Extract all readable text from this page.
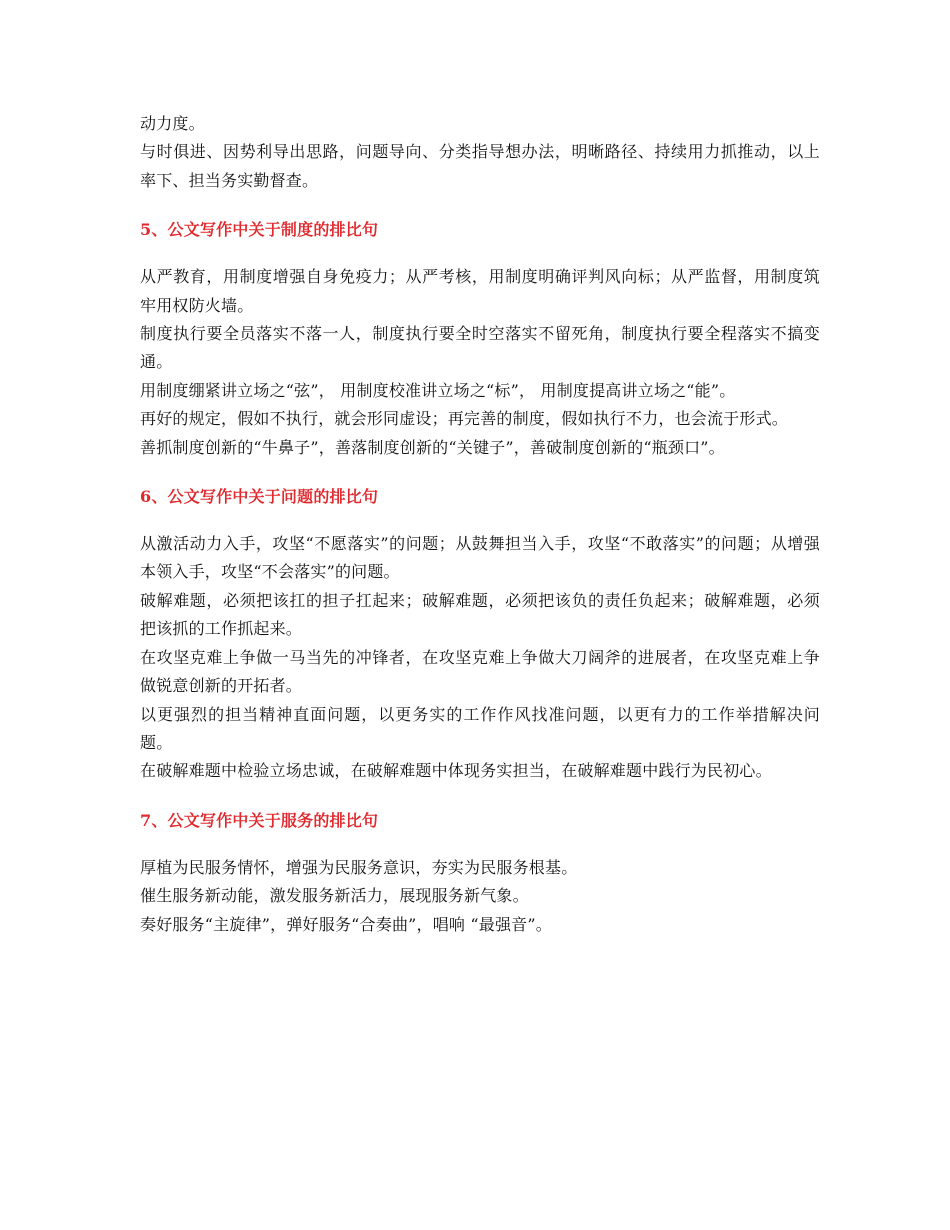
动力度。

与时俱进、因势利导出思路，问题导向、分类指导想办法，明晰路径、持续用力抓推动，以上率下、担当务实勤督查。

5、公文写作中关于制度的排比句

从严教育，用制度增强自身免疫力；从严考核，用制度明确评判风向标；从严监督，用制度筑牢用权防火墙。

制度执行要全员落实不落一人，制度执行要全时空落实不留死角，制度执行要全程落实不搞变通。

用制度绷紧讲立场之“弦”， 用制度校准讲立场之“标”， 用制度提高讲立场之“能”。

再好的规定，假如不执行，就会形同虚设；再完善的制度，假如执行不力，也会流于形式。

善抓制度创新的“牛鼻子”，善落制度创新的“关键子”，善破制度创新的“瓶颈口”。

6、公文写作中关于问题的排比句

从激活动力入手，攻坚“不愿落实”的问题；从鼓舞担当入手，攻坚“不敢落实”的问题；从增强本领入手，攻坚“不会落实”的问题。

破解难题，必须把该扛的担子扛起来；破解难题，必须把该负的责任负起来；破解难题，必须把该抓的工作抓起来。

在攻坚克难上争做一马当先的冲锋者，在攻坚克难上争做大刀阔斧的进展者，在攻坚克难上争做锐意创新的开拓者。

以更强烈的担当精神直面问题，以更务实的工作作风找准问题，以更有力的工作举措解决问题。

在破解难题中检验立场忠诚，在破解难题中体现务实担当，在破解难题中践行为民初心。

7、公文写作中关于服务的排比句

厚植为民服务情怀，增强为民服务意识，夯实为民服务根基。

催生服务新动能，激发服务新活力，展现服务新气象。

奏好服务“主旋律”，弹好服务“合奏曲”，唱响 “最强音”。
